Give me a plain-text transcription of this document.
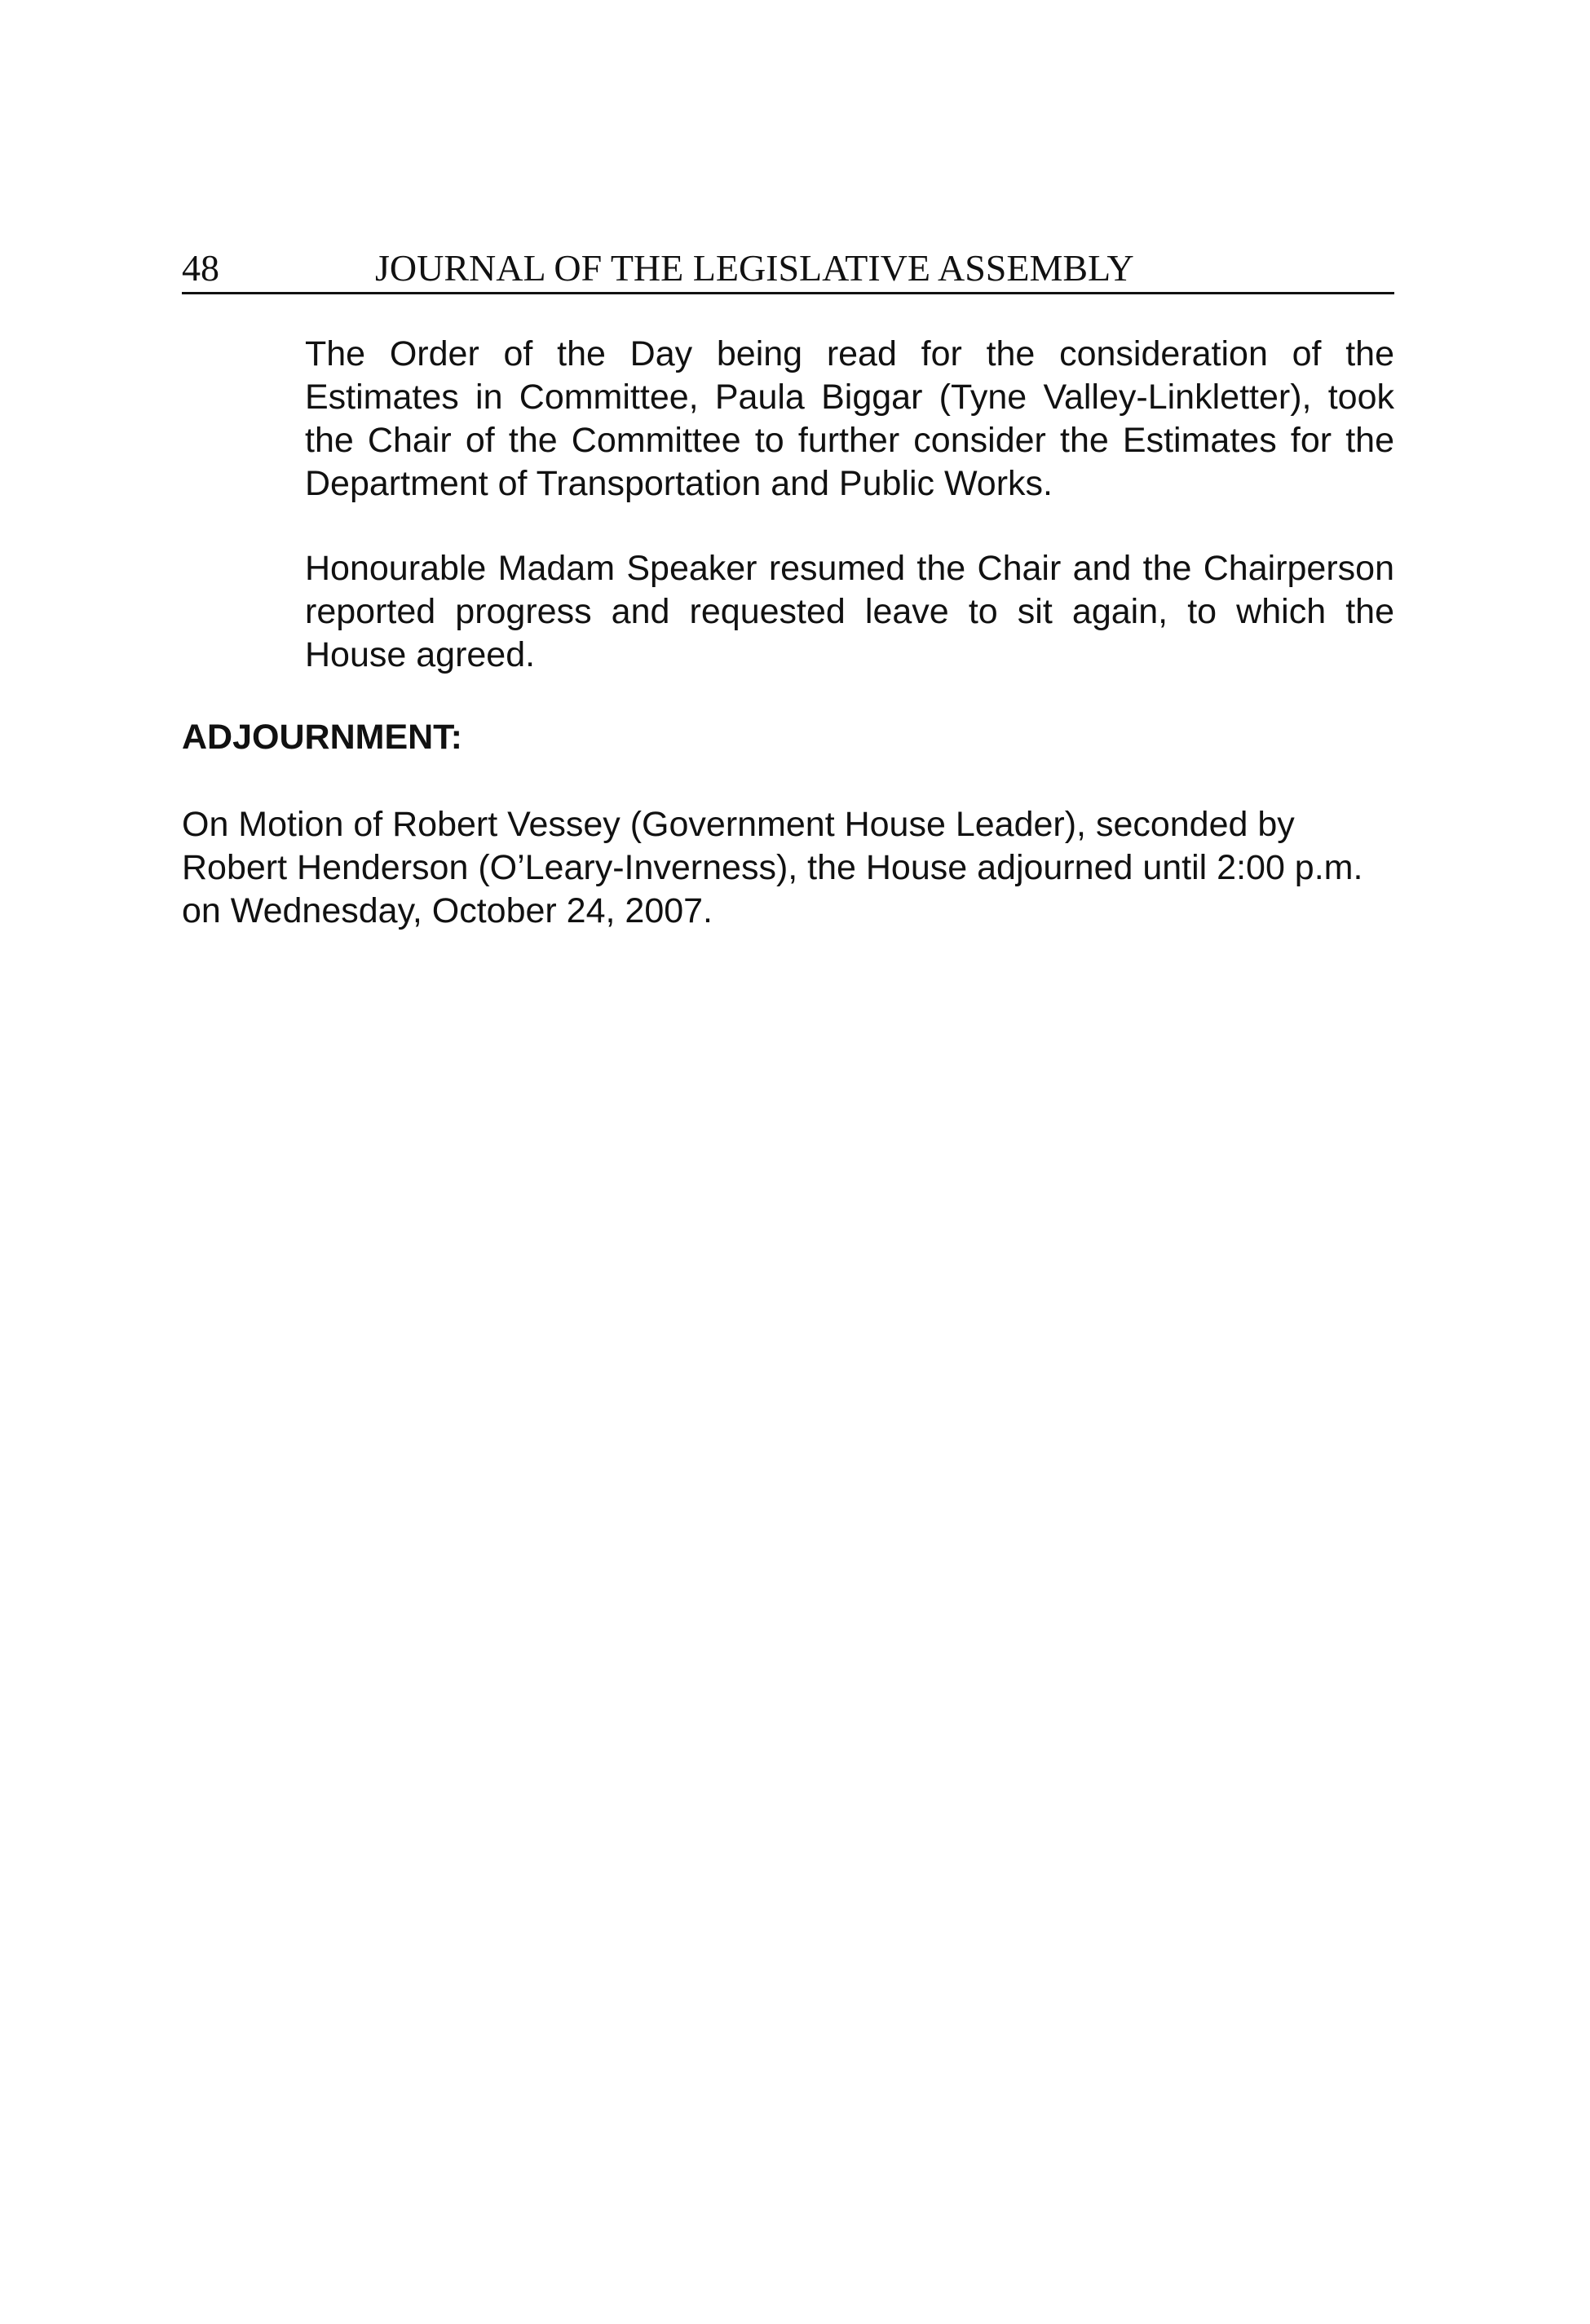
48	JOURNAL OF THE LEGISLATIVE ASSEMBLY

The Order of the Day being read for the consideration of the Estimates in Committee, Paula Biggar (Tyne Valley-Linkletter), took the Chair of the Committee to further consider the Estimates for the Department of Transportation and Public Works.

Honourable Madam Speaker resumed the Chair and the Chairperson reported progress and requested leave to sit again, to which the House agreed.

ADJOURNMENT:

On Motion of Robert Vessey (Government House Leader), seconded by Robert Henderson (O’Leary-Inverness), the House adjourned until 2:00 p.m. on Wednesday, October 24, 2007.
